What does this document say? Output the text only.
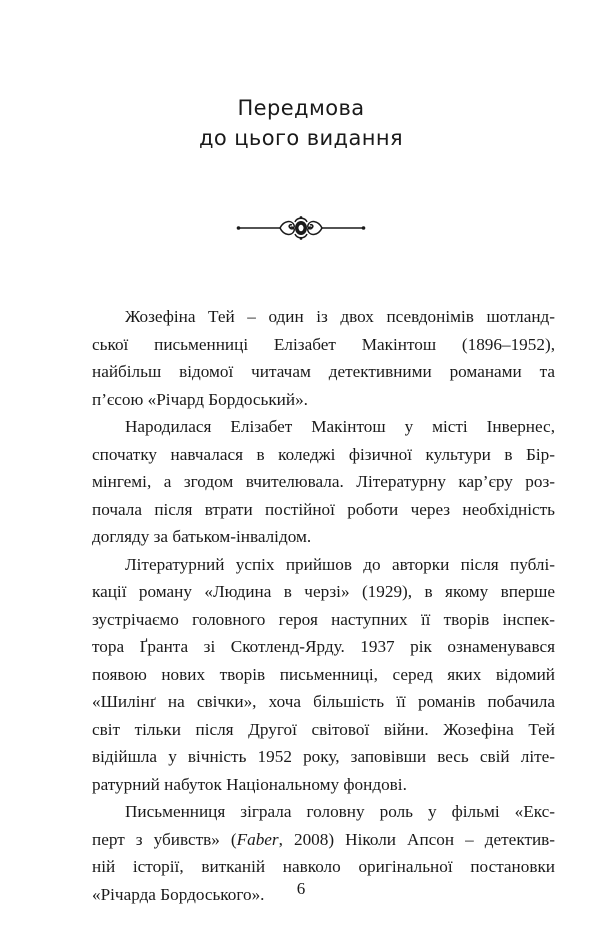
Передмова
до цього видання

Жозефіна Тей – один із двох псевдонімів шотланд-
ської письменниці Елізабет Макінтош (1896–1952),
найбільш відомої читачам детективними романами та
п’єсою «Річард Бордоський».

Народилася Елізабет Макінтош у місті Інвернес,
спочатку навчалася в коледжі фізичної культури в Бір-
мінгемі, а згодом вчителювала. Літературну кар’єру роз-
почала після втрати постійної роботи через необхідність
догляду за батьком-інвалідом.

Літературний успіх прийшов до авторки після публі-
кації роману «Людина в черзі» (1929), в якому вперше
зустрічаємо головного героя наступних її творів інспек-
тора Ґранта зі Скотленд-Ярду. 1937 рік ознаменувався
появою нових творів письменниці, серед яких відомий
«Шилінґ на свічки», хоча більшість її романів побачила
світ тільки після Другої світової війни. Жозефіна Тей
відійшла у вічність 1952 року, заповівши весь свій літе-
ратурний набуток Національному фондові.

Письменниця зіграла головну роль у фільмі «Екс-
перт з убивств» (Faber, 2008) Ніколи Апсон – детектив-
ній історії, витканій навколо оригінальної постановки
«Річарда Бордоського».	6
